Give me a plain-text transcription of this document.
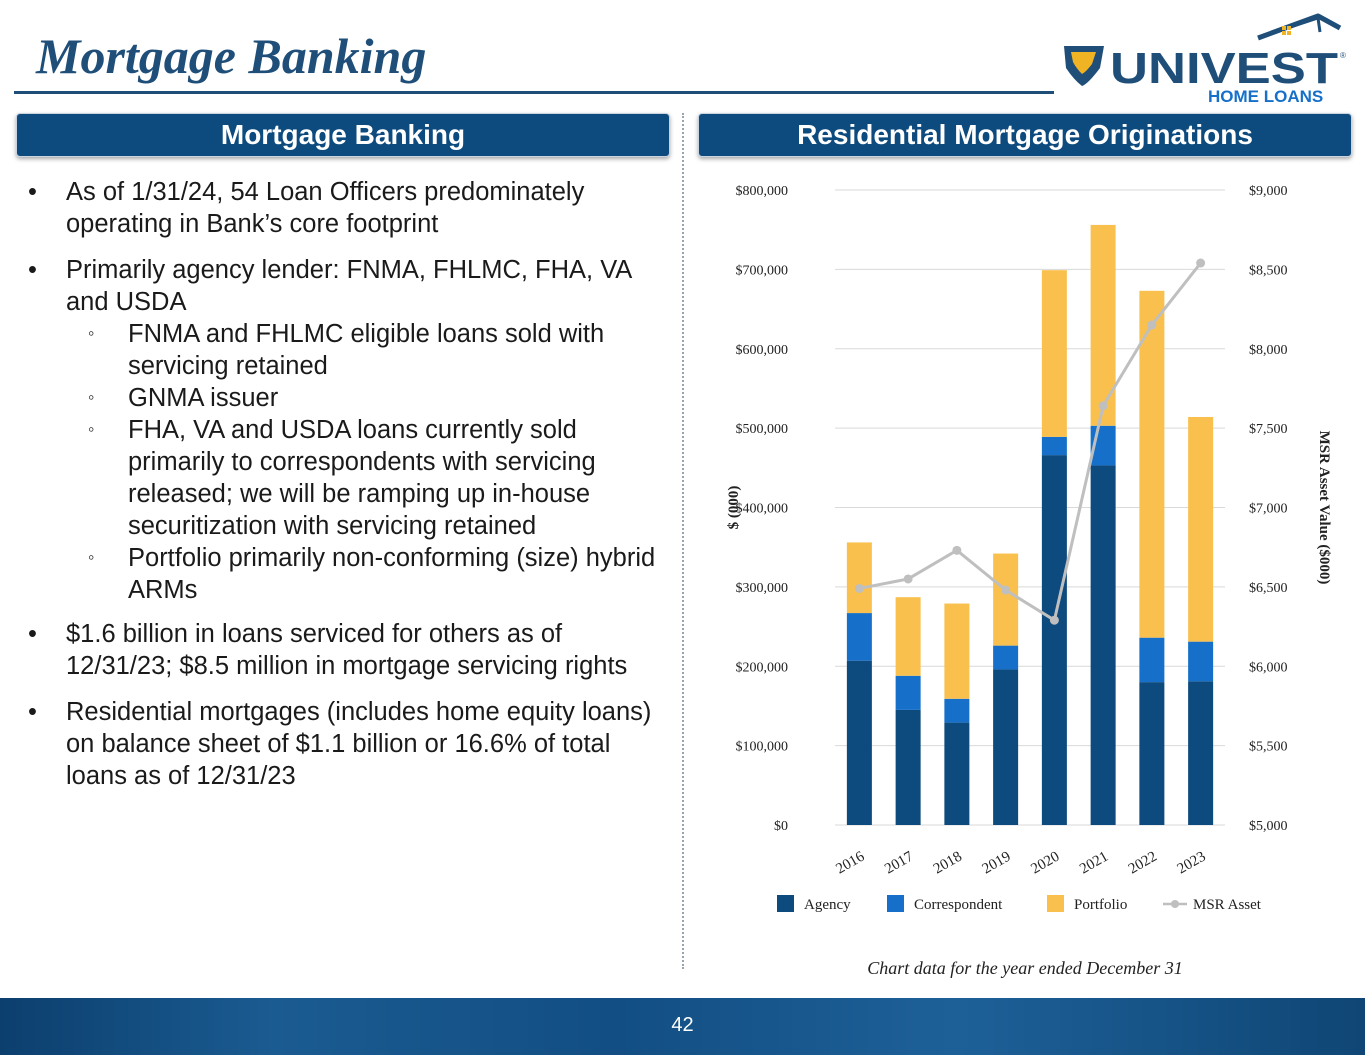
Mortgage Banking	UNIVEST ®
HOME LOANS
Mortgage Banking	Residential Mortgage Originations
• As of 1/31/24, 54 Loan Officers predominately operating in Bank’s core footprint
• Primarily agency lender: FNMA, FHLMC, FHA, VA and USDA
◦ FNMA and FHLMC eligible loans sold with servicing retained
◦ GNMA issuer
◦ FHA, VA and USDA loans currently sold primarily to correspondents with servicing released; we will be ramping up in-house securitization with servicing retained
◦ Portfolio primarily non-conforming (size) hybrid ARMs
• $1.6 billion in loans serviced for others as of 12/31/23; $8.5 million in mortgage servicing rights
• Residential mortgages (includes home equity loans) on balance sheet of $1.1 billion or 16.6% of total loans as of 12/31/23
$0
$100,000
$200,000
$300,000
$400,000
$500,000
$600,000
$700,000
$800,000
$5,000
$5,500
$6,000
$6,500
$7,000
$7,500
$8,000
$8,500
$9,000
$ (000)	MSR Asset Value ($000)
2016 2017 2018 2019 2020 2021 2022 2023
Agency	Correspondent	Portfolio	MSR Asset
Chart data for the year ended December 31
42
